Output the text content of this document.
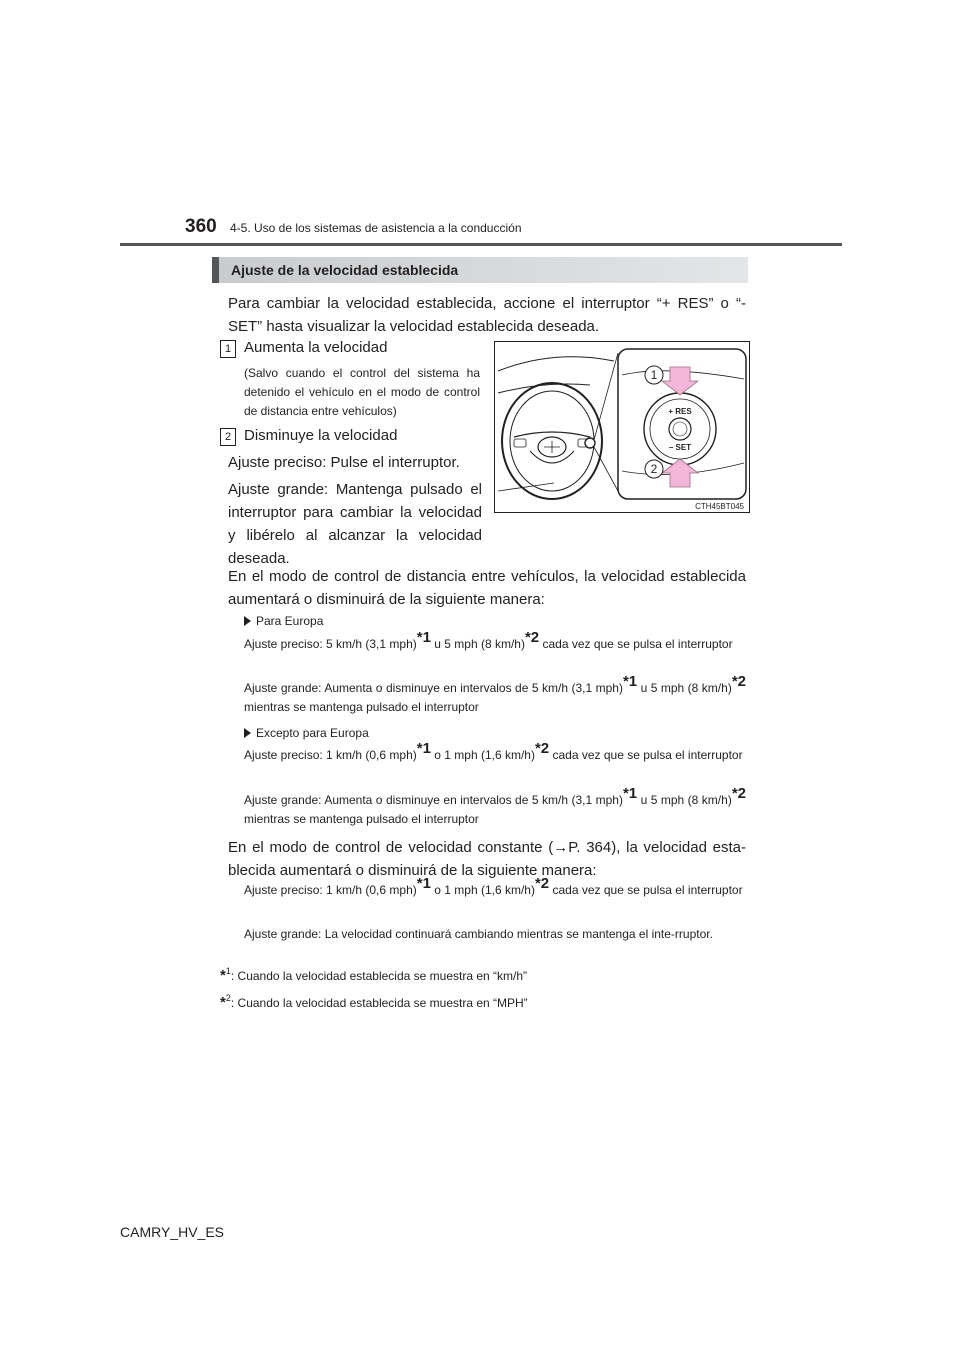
360 4-5. Uso de los sistemas de asistencia a la conducción
Ajuste de la velocidad establecida
Para cambiar la velocidad establecida, accione el interruptor “+ RES” o “- SET” hasta visualizar la velocidad establecida deseada.
1 Aumenta la velocidad
(Salvo cuando el control del sistema ha detenido el vehículo en el modo de control de distancia entre vehículos)
2 Disminuye la velocidad
Ajuste preciso: Pulse el interruptor.
Ajuste grande: Mantenga pulsado el interruptor para cambiar la velocidad y libérelo al alcanzar la velocidad deseada.
+ RES
– SET
1
2
CTH45BT045
En el modo de control de distancia entre vehículos, la velocidad establecida aumentará o disminuirá de la siguiente manera:
Para Europa
Ajuste preciso: 5 km/h (3,1 mph)$^{*1}$ u 5 mph (8 km/h)$^{*2}$ cada vez que se pulsa el interruptor
Ajuste grande: Aumenta o disminuye en intervalos de 5 km/h (3,1 mph)$^{*1}$ u 5 mph (8 km/h)$^{*2}$ mientras se mantenga pulsado el interruptor
Excepto para Europa
Ajuste preciso: 1 km/h (0,6 mph)$^{*1}$ o 1 mph (1,6 km/h)$^{*2}$ cada vez que se pulsa el interruptor
Ajuste grande: Aumenta o disminuye en intervalos de 5 km/h (3,1 mph)$^{*1}$ u 5 mph (8 km/h)$^{*2}$ mientras se mantenga pulsado el interruptor
En el modo de control de velocidad constante (→P. 364), la velocidad esta-blecida aumentará o disminuirá de la siguiente manera:
Ajuste preciso: 1 km/h (0,6 mph)$^{*1}$ o 1 mph (1,6 km/h)$^{*2}$ cada vez que se pulsa el interruptor
Ajuste grande: La velocidad continuará cambiando mientras se mantenga el inte-rruptor.
*$^1$: Cuando la velocidad establecida se muestra en “km/h”
*$^2$: Cuando la velocidad establecida se muestra en “MPH”
CAMRY_HV_ES
